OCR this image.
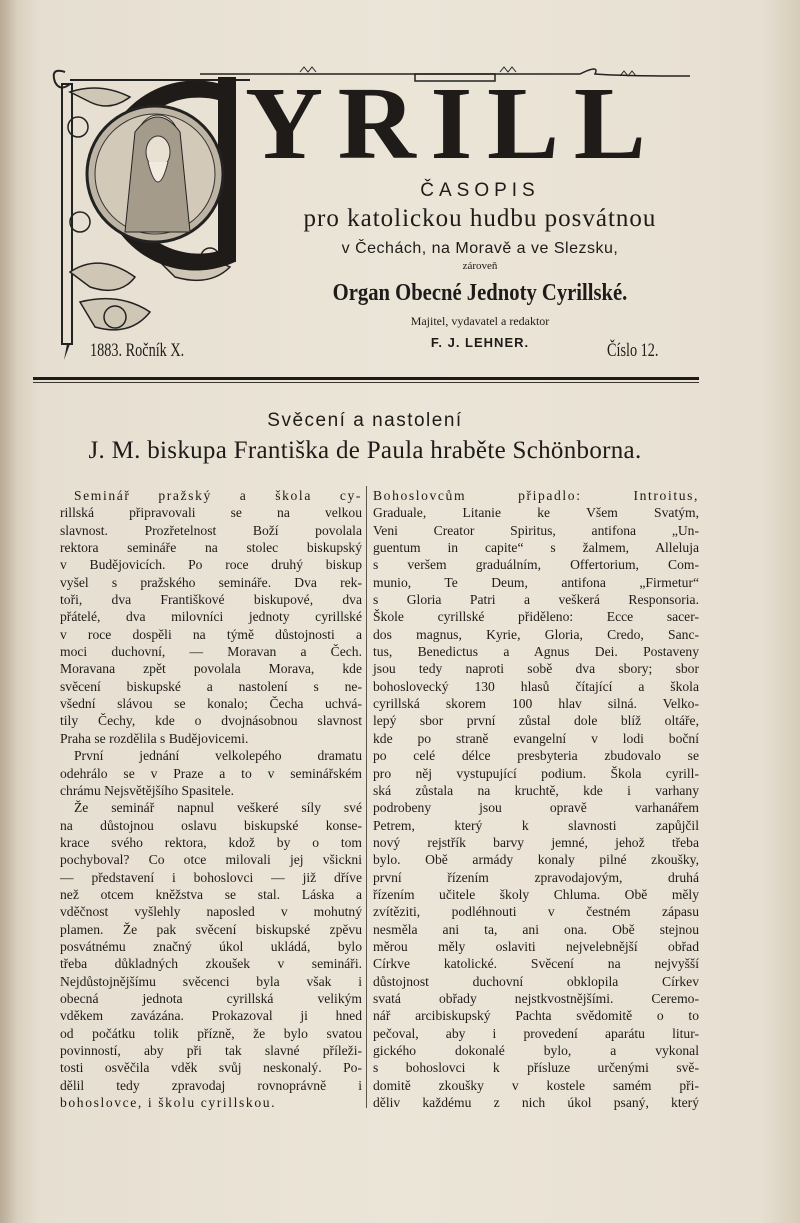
YRILL
ČASOPIS
pro katolickou hudbu posvátnou
v Čechách, na Moravě a ve Slezsku,
zároveň
Organ Obecné Jednoty Cyrillské.
Majitel, vydavatel a redaktor
F. J. LEHNER.
1883. Ročník X.	Číslo 12.
Svěcení a nastolení
J. M. biskupa Františka de Paula hraběte Schönborna.
Seminář pražský a škola cy-
rillská připravovali se na velkou
slavnost. Prozřetelnost Boží povolala
rektora semináře na stolec biskupský
v Budějovicích. Po roce druhý biskup
vyšel s pražského semináře. Dva rek-
toři, dva Františkové biskupové, dva
přátelé, dva milovníci jednoty cyrillské
v roce dospěli na týmě důstojnosti a
moci duchovní, — Moravan a Čech.
Moravana zpět povolala Morava, kde
svěcení biskupské a nastolení s ne-
všední slávou se konalo; Čecha uchvá-
tily Čechy, kde o dvojnásobnou slavnost
Praha se rozdělila s Budějovicemi.
První jednání velkolepého dramatu
odehrálo se v Praze a to v seminářském
chrámu Nejsvětějšího Spasitele.
Že seminář napnul veškeré síly své
na důstojnou oslavu biskupské konse-
krace svého rektora, kdož by o tom
pochyboval? Co otce milovali jej všickni
— představení i bohoslovci — již dříve
než otcem kněžstva se stal. Láska a
vděčnost vyšlehly naposled v mohutný
plamen. Že pak svěcení biskupské zpěvu
posvátnému značný úkol ukládá, bylo
třeba důkladných zkoušek v semináři.
Nejdůstojnějšímu svěcenci byla však i
obecná jednota cyrillská velikým
vděkem zavázána. Prokazoval ji hned
od počátku tolik přízně, že bylo svatou
povinností, aby při tak slavné příleži-
tosti osvěčila vděk svůj neskonalý. Po-
dělil tedy zpravodaj rovnoprávně i
bohoslovce, i školu cyrillskou.
Bohoslovcům připadlo: Introitus,
Graduale, Litanie ke Všem Svatým,
Veni Creator Spiritus, antifona „Un-
guentum in capite“ s žalmem, Alleluja
s veršem graduálním, Offertorium, Com-
munio, Te Deum, antifona „Firmetur“
s Gloria Patri a veškerá Responsoria.
Škole cyrillské přiděleno: Ecce sacer-
dos magnus, Kyrie, Gloria, Credo, Sanc-
tus, Benedictus a Agnus Dei. Postaveny
jsou tedy naproti sobě dva sbory; sbor
bohoslovecký 130 hlasů čítající a škola
cyrillská skorem 100 hlav silná. Velko-
lepý sbor první zůstal dole blíž oltáře,
kde po straně evangelní v lodi boční
po celé délce presbyteria zbudovalo se
pro něj vystupující podium. Škola cyrill-
ská zůstala na kruchtě, kde i varhany
podrobeny jsou opravě varhanářem
Petrem, který k slavnosti zapůjčil
nový rejstřík barvy jemné, jehož třeba
bylo. Obě armády konaly pilné zkoušky,
první řízením zpravodajovým, druhá
řízením učitele školy Chluma. Obě měly
zvítěziti, podléhnouti v čestném zápasu
nesměla ani ta, ani ona. Obě stejnou
měrou měly oslaviti nejvelebnější obřad
Církve katolické. Svěcení na nejvyšší
důstojnost duchovní obklopila Církev
svatá obřady nejstkvostnějšími. Ceremo-
nář arcibiskupský Pachta svědomitě o to
pečoval, aby i provedení aparátu litur-
gického dokonalé bylo, a vykonal
s bohoslovci k přísluze určenými svě-
domitě zkoušky v kostele samém při-
děliv každému z nich úkol psaný, který
